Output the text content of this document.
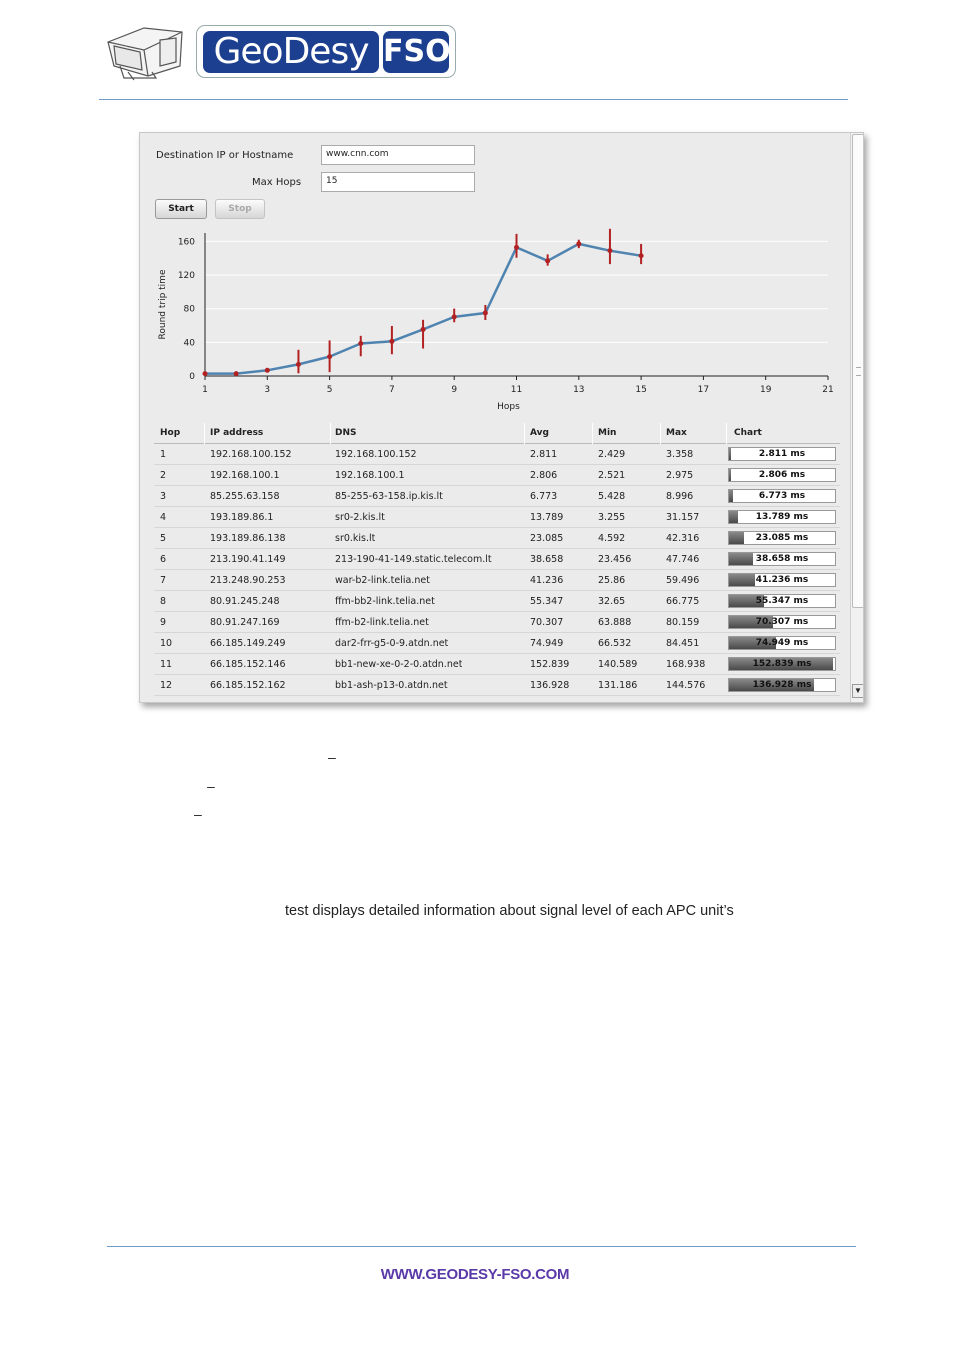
GeoDesy FSO
Destination IP or Hostname	www.cnn.com
Max Hops	15
Start	Stop
0
40
80
120
160
1	3	5	7	9	11	13	15	17	19	21
Hops
Round trip time
Hop	IP address	DNS	Avg	Min	Max	Chart
1	192.168.100.152	192.168.100.152	2.811	2.429	3.358	2.811 ms
2	192.168.100.1	192.168.100.1	2.806	2.521	2.975	2.806 ms
3	85.255.63.158	85-255-63-158.ip.kis.lt	6.773	5.428	8.996	6.773 ms
4	193.189.86.1	sr0-2.kis.lt	13.789	3.255	31.157	13.789 ms
5	193.189.86.138	sr0.kis.lt	23.085	4.592	42.316	23.085 ms
6	213.190.41.149	213-190-41-149.static.telecom.lt	38.658	23.456	47.746	38.658 ms
7	213.248.90.253	war-b2-link.telia.net	41.236	25.86	59.496	41.236 ms
8	80.91.245.248	ffm-bb2-link.telia.net	55.347	32.65	66.775	55.347 ms
9	80.91.247.169	ffm-b2-link.telia.net	70.307	63.888	80.159	70.307 ms
10	66.185.149.249	dar2-frr-g5-0-9.atdn.net	74.949	66.532	84.451	74.949 ms
11	66.185.152.146	bb1-new-xe-0-2-0.atdn.net	152.839	140.589	168.938	152.839 ms
12	66.185.152.162	bb1-ash-p13-0.atdn.net	136.928	131.186	144.576	136.928 ms
▼
–
–
–
test displays detailed information about signal level of each APC unit’s
WWW.GEODESY-FSO.COM
